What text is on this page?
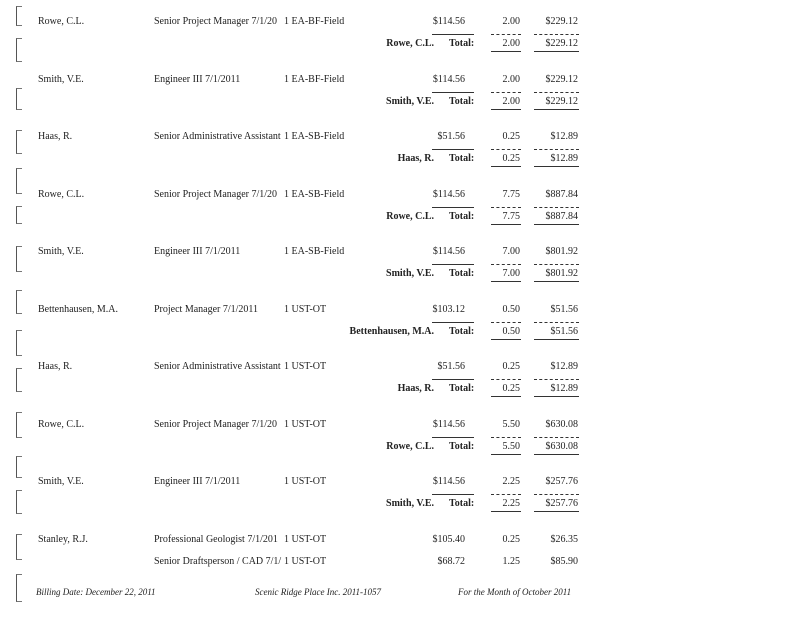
Rowe, C.L.	Senior Project Manager 7/1/20 1 EA-BF-Field	$114.56	2.00	$229.12
Rowe, C.L. Total:	2.00	$229.12
Smith, V.E.	Engineer III 7/1/2011	1 EA-BF-Field	$114.56	2.00	$229.12
Smith, V.E. Total:	2.00	$229.12
Haas, R.	Senior Administrative Assistant 1 EA-SB-Field	$51.56	0.25	$12.89
Haas, R. Total:	0.25	$12.89
Rowe, C.L.	Senior Project Manager 7/1/20 1 EA-SB-Field	$114.56	7.75	$887.84
Rowe, C.L. Total:	7.75	$887.84
Smith, V.E.	Engineer III 7/1/2011	1 EA-SB-Field	$114.56	7.00	$801.92
Smith, V.E. Total:	7.00	$801.92
Bettenhausen, M.A.	Project Manager 7/1/2011	1 UST-OT	$103.12	0.50	$51.56
Bettenhausen, M.A. Total:	0.50	$51.56
Haas, R.	Senior Administrative Assistant 1 UST-OT	$51.56	0.25	$12.89
Haas, R. Total:	0.25	$12.89
Rowe, C.L.	Senior Project Manager 7/1/20 1 UST-OT	$114.56	5.50	$630.08
Rowe, C.L. Total:	5.50	$630.08
Smith, V.E.	Engineer III 7/1/2011	1 UST-OT	$114.56	2.25	$257.76
Smith, V.E. Total:	2.25	$257.76
Stanley, R.J.	Professional Geologist 7/1/201 1 UST-OT	$105.40	0.25	$26.35
Senior Draftsperson / CAD 7/1/ 1 UST-OT	$68.72	1.25	$85.90
Billing Date: December 22, 2011	Scenic Ridge Place Inc. 2011-1057	For the Month of October 2011
